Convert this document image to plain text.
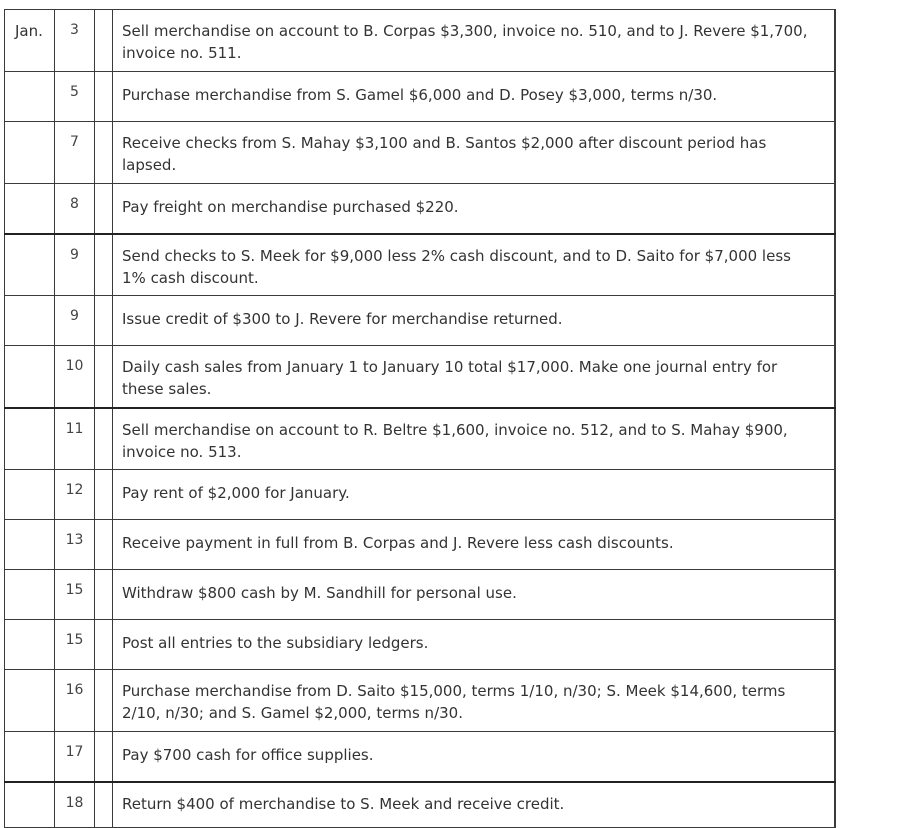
Jan.	3		Sell merchandise on account to B. Corpas $3,300, invoice no. 510, and to J. Revere $1,700, invoice no. 511.	
	5		Purchase merchandise from S. Gamel $6,000 and D. Posey $3,000, terms n/30.	
	7		Receive checks from S. Mahay $3,100 and B. Santos $2,000 after discount period has lapsed.	
	8		Pay freight on merchandise purchased $220.	
	9		Send checks to S. Meek for $9,000 less 2% cash discount, and to D. Saito for $7,000 less 1% cash discount.	
	9		Issue credit of $300 to J. Revere for merchandise returned.	
	10		Daily cash sales from January 1 to January 10 total $17,000. Make one journal entry for these sales.	
	11		Sell merchandise on account to R. Beltre $1,600, invoice no. 512, and to S. Mahay $900, invoice no. 513.	
	12		Pay rent of $2,000 for January.	
	13		Receive payment in full from B. Corpas and J. Revere less cash discounts.	
	15		Withdraw $800 cash by M. Sandhill for personal use.	
	15		Post all entries to the subsidiary ledgers.	
	16		Purchase merchandise from D. Saito $15,000, terms 1/10, n/30; S. Meek $14,600, terms 2/10, n/30; and S. Gamel $2,000, terms n/30.	
	17		Pay $700 cash for office supplies.	
	18		Return $400 of merchandise to S. Meek and receive credit.	
